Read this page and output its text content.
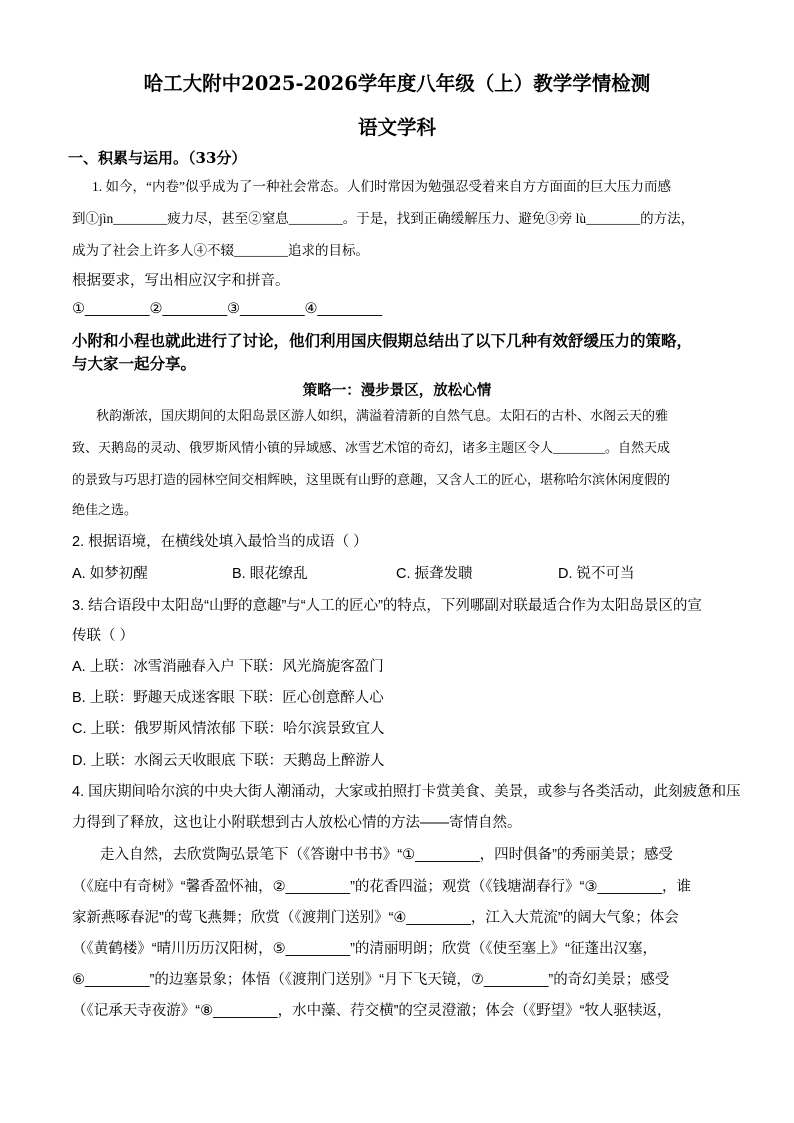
哈工大附中2025-2026学年度八年级（上）教学学情检测
语文学科
一、积累与运用。（33分）
1. 如今，“内卷”似乎成为了一种社会常态。人们时常因为勉强忍受着来自方方面面的巨大压力而感
到①jìn________疲力尽，甚至②窒息________。于是，找到正确缓解压力、避免③旁 lù________的方法，
成为了社会上许多人④不辍________追求的目标。
根据要求，写出相应汉字和拼音。
①________②________③________④________
小附和小程也就此进行了讨论，他们利用国庆假期总结出了以下几种有效舒缓压力的策略，
与大家一起分享。
策略一：漫步景区，放松心情
秋韵渐浓，国庆期间的太阳岛景区游人如织，满溢着清新的自然气息。太阳石的古朴、水阁云天的雅
致、天鹅岛的灵动、俄罗斯风情小镇的异域感、冰雪艺术馆的奇幻，诸多主题区令人________。自然天成
的景致与巧思打造的园林空间交相辉映，这里既有山野的意趣，又含人工的匠心，堪称哈尔滨休闲度假的
绝佳之选。
2. 根据语境，在横线处填入最恰当的成语（ ）
A. 如梦初醒	B. 眼花缭乱	C. 振聋发聩	D. 锐不可当
3. 结合语段中太阳岛“山野的意趣”与“人工的匠心”的特点，下列哪副对联最适合作为太阳岛景区的宣
传联（ ）
A. 上联：冰雪消融春入户 下联：风光旖旎客盈门
B. 上联：野趣天成迷客眼 下联：匠心创意醉人心
C. 上联：俄罗斯风情浓郁 下联：哈尔滨景致宜人
D. 上联：水阁云天收眼底 下联：天鹅岛上醉游人
4. 国庆期间哈尔滨的中央大街人潮涌动，大家或拍照打卡赏美食、美景，或参与各类活动，此刻疲惫和压
力得到了释放，这也让小附联想到古人放松心情的方法——寄情自然。
走入自然，去欣赏陶弘景笔下（《答谢中书书》“①________，四时俱备”的秀丽美景；感受
（《庭中有奇树》“馨香盈怀袖，②________”的花香四溢；观赏（《钱塘湖春行》“③________，谁
家新燕啄春泥”的莺飞燕舞；欣赏（《渡荆门送别》“④________，江入大荒流”的阔大气象；体会
（《黄鹤楼》“晴川历历汉阳树，⑤________”的清丽明朗；欣赏（《使至塞上》“征蓬出汉塞，
⑥________”的边塞景象；体悟（《渡荆门送别》“月下飞天镜，⑦________”的奇幻美景；感受
（《记承天寺夜游》“⑧________，水中藻、荇交横”的空灵澄澈；体会（《野望》“牧人驱犊返，
